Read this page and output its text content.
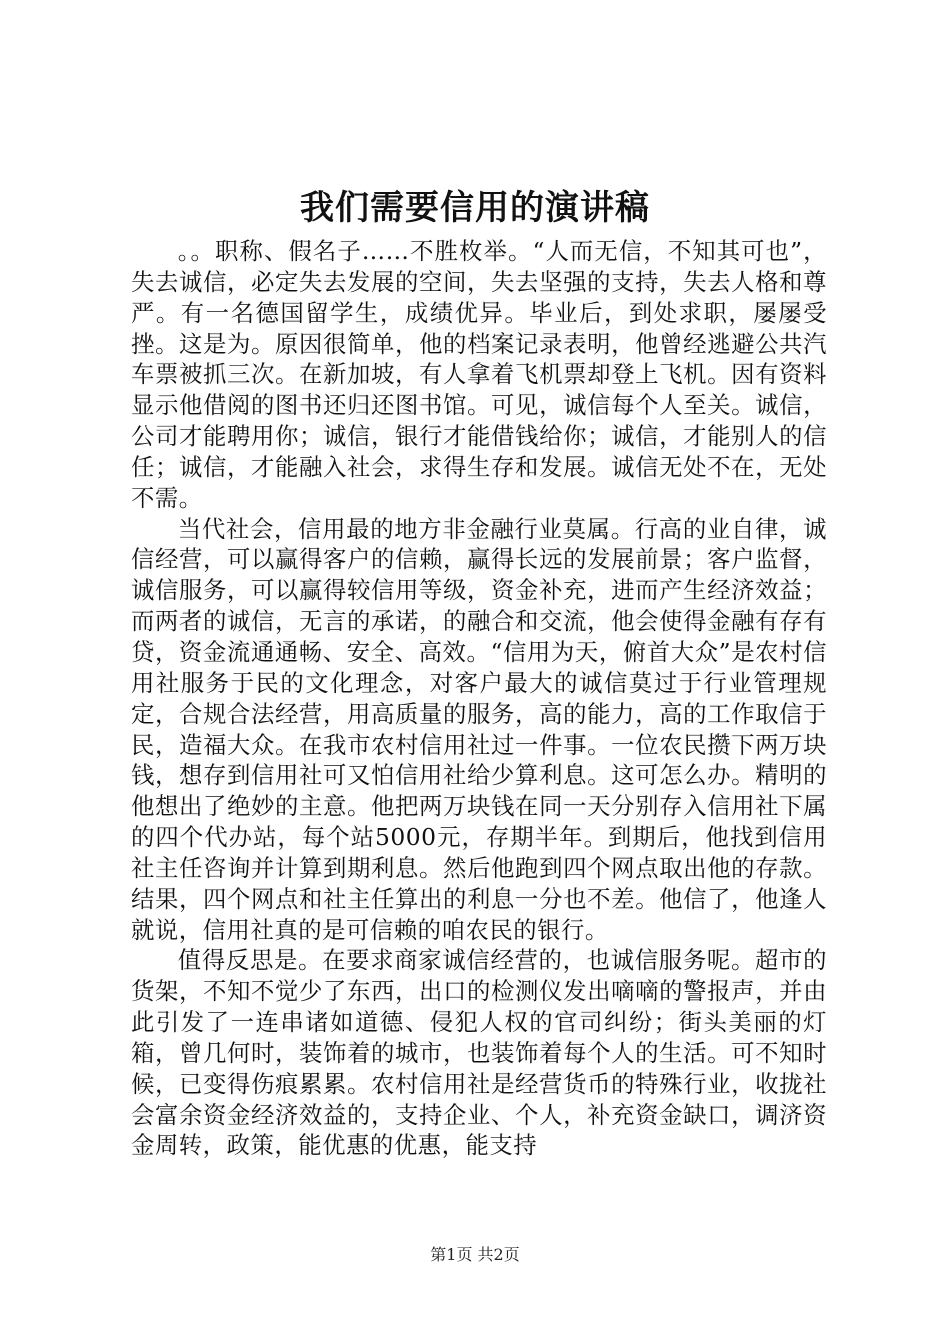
我们需要信用的演讲稿

。。职称、假名子……不胜枚举。“人而无信，不知其可也”，失去诚信，必定失去发展的空间，失去坚强的支持，失去人格和尊严。有一名德国留学生，成绩优异。毕业后，到处求职，屡屡受挫。这是为。原因很简单，他的档案记录表明，他曾经逃避公共汽车票被抓三次。在新加坡，有人拿着飞机票却登上飞机。因有资料显示他借阅的图书还归还图书馆。可见，诚信每个人至关。诚信，公司才能聘用你；诚信，银行才能借钱给你；诚信，才能别人的信任；诚信，才能融入社会，求得生存和发展。诚信无处不在，无处不需。

当代社会，信用最的地方非金融行业莫属。行高的业自律，诚信经营，可以赢得客户的信赖，赢得长远的发展前景；客户监督，诚信服务，可以赢得较信用等级，资金补充，进而产生经济效益；而两者的诚信，无言的承诺，的融合和交流，他会使得金融有存有贷，资金流通通畅、安全、高效。“信用为天，俯首大众”是农村信用社服务于民的文化理念，对客户最大的诚信莫过于行业管理规定，合规合法经营，用高质量的服务，高的能力，高的工作取信于民，造福大众。在我市农村信用社过一件事。一位农民攒下两万块钱，想存到信用社可又怕信用社给少算利息。这可怎么办。精明的他想出了绝妙的主意。他把两万块钱在同一天分别存入信用社下属的四个代办站，每个站5000元，存期半年。到期后，他找到信用社主任咨询并计算到期利息。然后他跑到四个网点取出他的存款。结果，四个网点和社主任算出的利息一分也不差。他信了，他逢人就说，信用社真的是可信赖的咱农民的银行。

值得反思是。在要求商家诚信经营的，也诚信服务呢。超市的货架，不知不觉少了东西，出口的检测仪发出嘀嘀的警报声，并由此引发了一连串诸如道德、侵犯人权的官司纠纷；街头美丽的灯箱，曾几何时，装饰着的城市，也装饰着每个人的生活。可不知时候，已变得伤痕累累。农村信用社是经营货币的特殊行业，收拢社会富余资金经济效益的，支持企业、个人，补充资金缺口，调济资金周转，政策，能优惠的优惠，能支持

第1页 共2页
